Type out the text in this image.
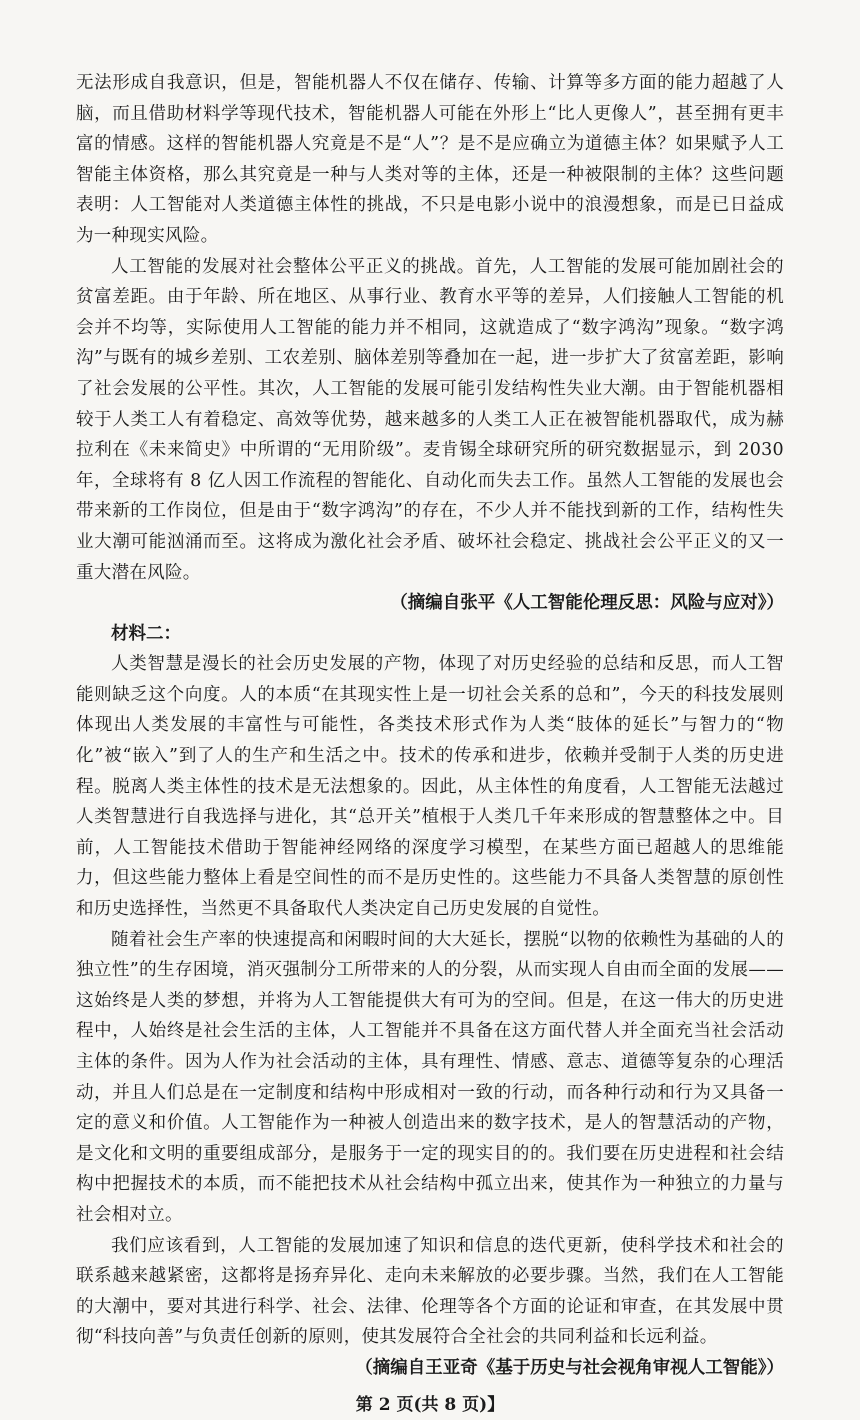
无法形成自我意识，但是，智能机器人不仅在储存、传输、计算等多方面的能力超越了人脑，而且借助材料学等现代技术，智能机器人可能在外形上“比人更像人”，甚至拥有更丰富的情感。这样的智能机器人究竟是不是“人”？是不是应确立为道德主体？如果赋予人工智能主体资格，那么其究竟是一种与人类对等的主体，还是一种被限制的主体？这些问题表明：人工智能对人类道德主体性的挑战，不只是电影小说中的浪漫想象，而是已日益成为一种现实风险。

人工智能的发展对社会整体公平正义的挑战。首先，人工智能的发展可能加剧社会的贫富差距。由于年龄、所在地区、从事行业、教育水平等的差异，人们接触人工智能的机会并不均等，实际使用人工智能的能力并不相同，这就造成了“数字鸿沟”现象。“数字鸿沟”与既有的城乡差别、工农差别、脑体差别等叠加在一起，进一步扩大了贫富差距，影响了社会发展的公平性。其次，人工智能的发展可能引发结构性失业大潮。由于智能机器相较于人类工人有着稳定、高效等优势，越来越多的人类工人正在被智能机器取代，成为赫拉利在《未来简史》中所谓的“无用阶级”。麦肯锡全球研究所的研究数据显示，到 2030 年，全球将有 8 亿人因工作流程的智能化、自动化而失去工作。虽然人工智能的发展也会带来新的工作岗位，但是由于“数字鸿沟”的存在，不少人并不能找到新的工作，结构性失业大潮可能汹涌而至。这将成为激化社会矛盾、破坏社会稳定、挑战社会公平正义的又一重大潜在风险。

（摘编自张平《人工智能伦理反思：风险与应对》）

材料二：

人类智慧是漫长的社会历史发展的产物，体现了对历史经验的总结和反思，而人工智能则缺乏这个向度。人的本质“在其现实性上是一切社会关系的总和”，今天的科技发展则体现出人类发展的丰富性与可能性，各类技术形式作为人类“肢体的延长”与智力的“物化”被“嵌入”到了人的生产和生活之中。技术的传承和进步，依赖并受制于人类的历史进程。脱离人类主体性的技术是无法想象的。因此，从主体性的角度看，人工智能无法越过人类智慧进行自我选择与进化，其“总开关”植根于人类几千年来形成的智慧整体之中。目前，人工智能技术借助于智能神经网络的深度学习模型，在某些方面已超越人的思维能力，但这些能力整体上看是空间性的而不是历史性的。这些能力不具备人类智慧的原创性和历史选择性，当然更不具备取代人类决定自己历史发展的自觉性。

随着社会生产率的快速提高和闲暇时间的大大延长，摆脱“以物的依赖性为基础的人的独立性”的生存困境，消灭强制分工所带来的人的分裂，从而实现人自由而全面的发展——这始终是人类的梦想，并将为人工智能提供大有可为的空间。但是，在这一伟大的历史进程中，人始终是社会生活的主体，人工智能并不具备在这方面代替人并全面充当社会活动主体的条件。因为人作为社会活动的主体，具有理性、情感、意志、道德等复杂的心理活动，并且人们总是在一定制度和结构中形成相对一致的行动，而各种行动和行为又具备一定的意义和价值。人工智能作为一种被人创造出来的数字技术，是人的智慧活动的产物，是文化和文明的重要组成部分，是服务于一定的现实目的的。我们要在历史进程和社会结构中把握技术的本质，而不能把技术从社会结构中孤立出来，使其作为一种独立的力量与社会相对立。

我们应该看到，人工智能的发展加速了知识和信息的迭代更新，使科学技术和社会的联系越来越紧密，这都将是扬弃异化、走向未来解放的必要步骤。当然，我们在人工智能的大潮中，要对其进行科学、社会、法律、伦理等各个方面的论证和审查，在其发展中贯彻“科技向善”与负责任创新的原则，使其发展符合全社会的共同利益和长远利益。

（摘编自王亚奇《基于历史与社会视角审视人工智能》）

第 2 页(共 8 页)】
